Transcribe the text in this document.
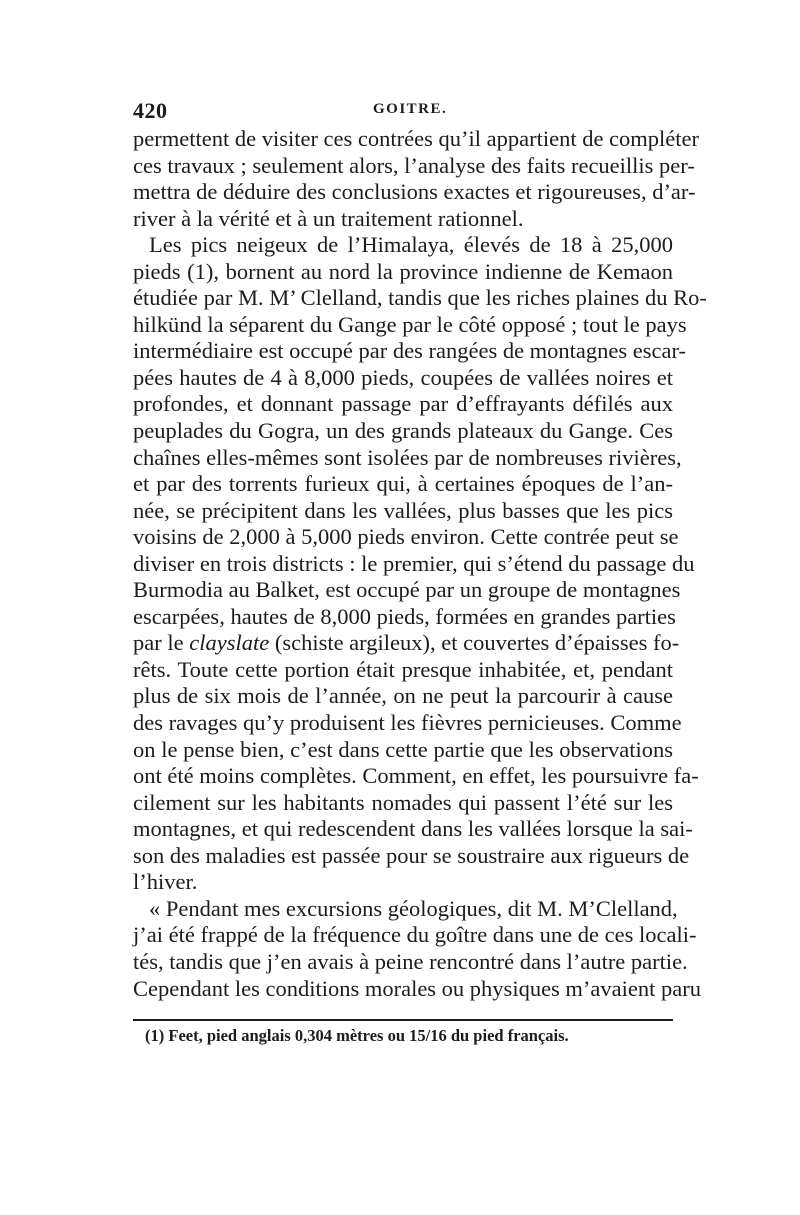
420	GOITRE.
permettent de visiter ces contrées qu’il appartient de compléter
ces travaux ; seulement alors, l’analyse des faits recueillis per-
mettra de déduire des conclusions exactes et rigoureuses, d’ar-
river à la vérité et à un traitement rationnel.
Les pics neigeux de l’Himalaya, élevés de 18 à 25,000
pieds (1), bornent au nord la province indienne de Kemaon
étudiée par M. M’ Clelland, tandis que les riches plaines du Ro-
hilkünd la séparent du Gange par le côté opposé ; tout le pays
intermédiaire est occupé par des rangées de montagnes escar-
pées hautes de 4 à 8,000 pieds, coupées de vallées noires et
profondes, et donnant passage par d’effrayants défilés aux
peuplades du Gogra, un des grands plateaux du Gange. Ces
chaînes elles-mêmes sont isolées par de nombreuses rivières,
et par des torrents furieux qui, à certaines époques de l’an-
née, se précipitent dans les vallées, plus basses que les pics
voisins de 2,000 à 5,000 pieds environ. Cette contrée peut se
diviser en trois districts : le premier, qui s’étend du passage du
Burmodia au Balket, est occupé par un groupe de montagnes
escarpées, hautes de 8,000 pieds, formées en grandes parties
par le clayslate (schiste argileux), et couvertes d’épaisses fo-
rêts. Toute cette portion était presque inhabitée, et, pendant
plus de six mois de l’année, on ne peut la parcourir à cause
des ravages qu’y produisent les fièvres pernicieuses. Comme
on le pense bien, c’est dans cette partie que les observations
ont été moins complètes. Comment, en effet, les poursuivre fa-
cilement sur les habitants nomades qui passent l’été sur les
montagnes, et qui redescendent dans les vallées lorsque la sai-
son des maladies est passée pour se soustraire aux rigueurs de
l’hiver.
« Pendant mes excursions géologiques, dit M. M’Clelland,
j’ai été frappé de la fréquence du goître dans une de ces locali-
tés, tandis que j’en avais à peine rencontré dans l’autre partie.
Cependant les conditions morales ou physiques m’avaient paru
(1) Feet, pied anglais 0,304 mètres ou 15/16 du pied français.
